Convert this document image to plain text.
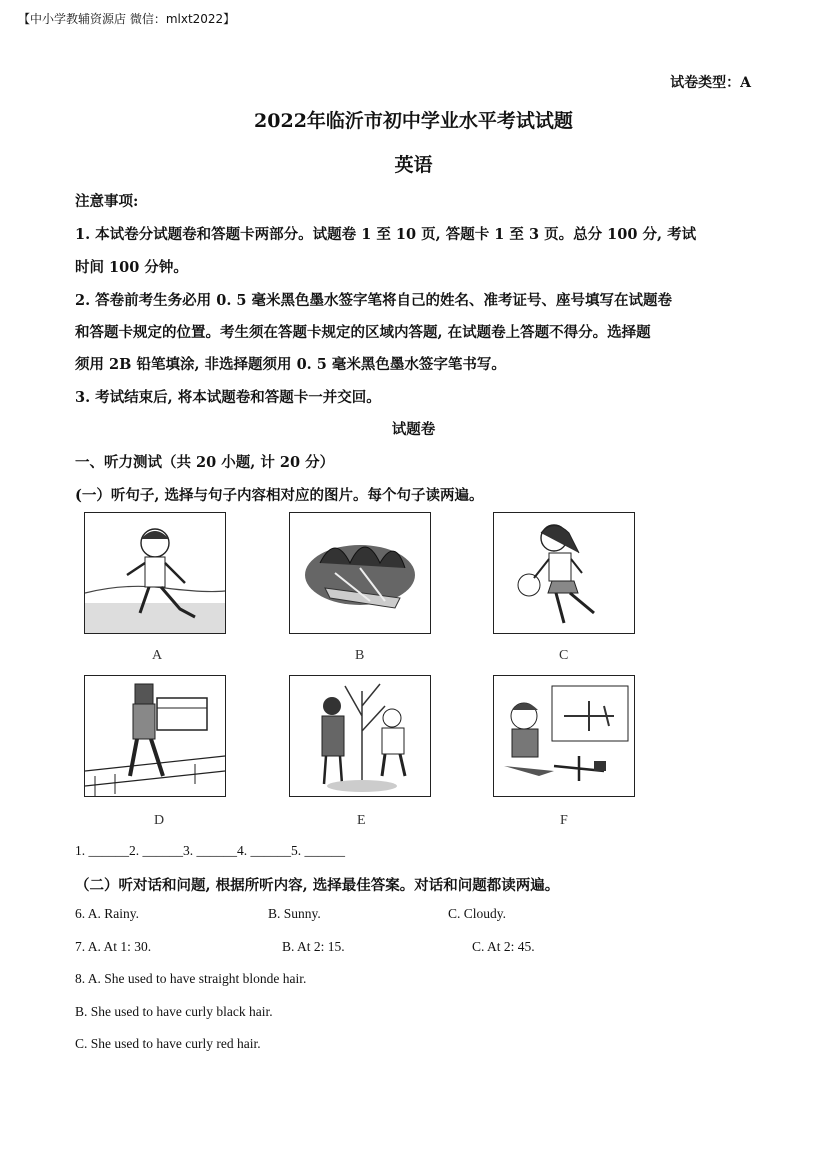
【中小学教辅资源店 微信：mlxt2022】
试卷类型：A
2022年临沂市初中学业水平考试试题
英语
注意事项:
1. 本试卷分试题卷和答题卡两部分。试题卷 1 至 10 页, 答题卡 1 至 3 页。总分 100 分, 考试
时间 100 分钟。
2. 答卷前考生务必用 0. 5 毫米黑色墨水签字笔将自己的姓名、准考证号、座号填写在试题卷
和答题卡规定的位置。考生须在答题卡规定的区域内答题, 在试题卷上答题不得分。选择题
须用 2B 铅笔填涂, 非选择题须用 0. 5 毫米黑色墨水签字笔书写。
3. 考试结束后, 将本试题卷和答题卡一并交回。
试题卷
一、听力测试（共 20 小题, 计 20 分）
(一）听句子, 选择与句子内容相对应的图片。每个句子读两遍。
A	B	C
D	E	F
1. ______2. ______3. ______4. ______5. ______
（二）听对话和问题, 根据所听内容, 选择最佳答案。对话和问题都读两遍。
6. A. Rainy.	B. Sunny.	C. Cloudy.
7. A. At 1: 30.	B. At 2: 15.	C. At 2: 45.
8. A. She used to have straight blonde hair.
B. She used to have curly black hair.
C. She used to have curly red hair.
